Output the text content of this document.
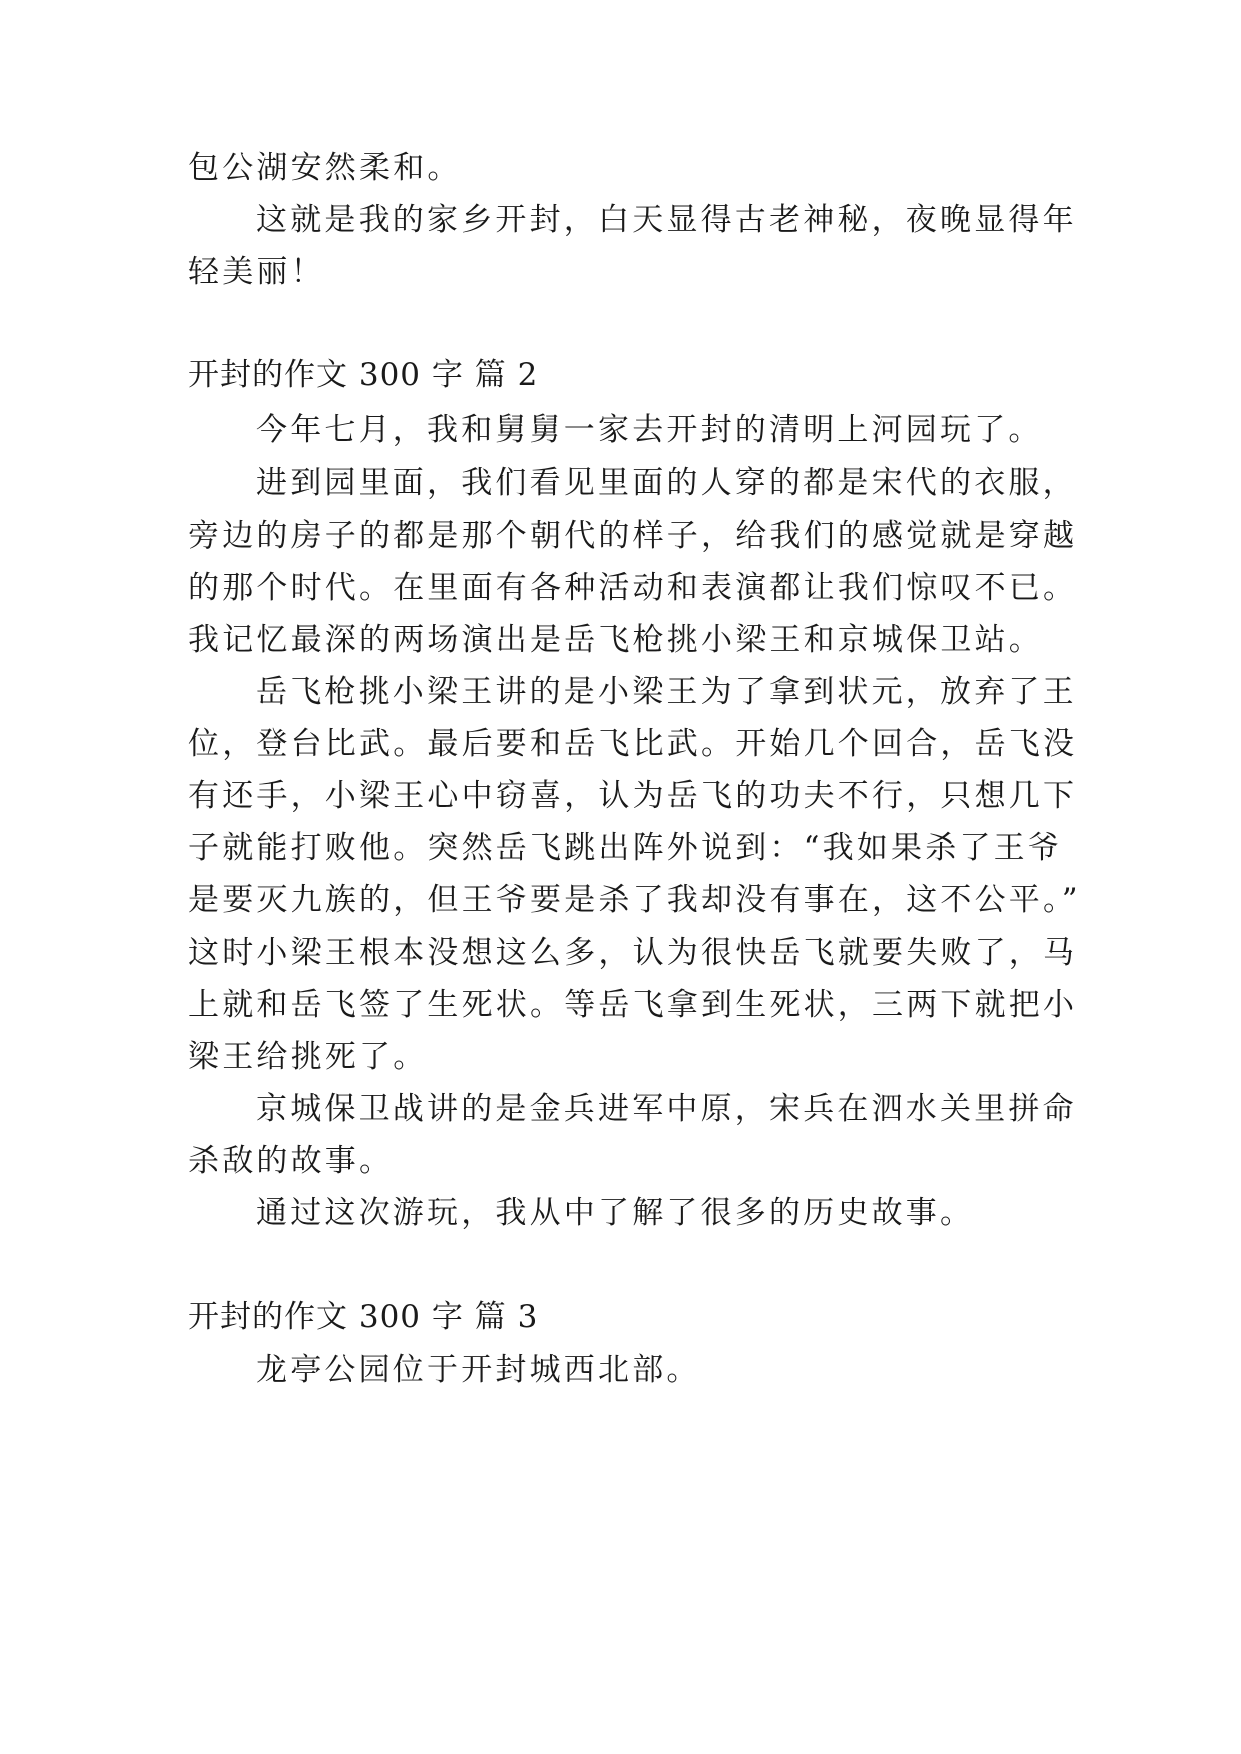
包公湖安然柔和。
这就是我的家乡开封，白天显得古老神秘，夜晚显得年
轻美丽！
开封的作文 300 字 篇 2
今年七月，我和舅舅一家去开封的清明上河园玩了。
进到园里面，我们看见里面的人穿的都是宋代的衣服，
旁边的房子的都是那个朝代的样子，给我们的感觉就是穿越
的那个时代。在里面有各种活动和表演都让我们惊叹不已。
我记忆最深的两场演出是岳飞枪挑小梁王和京城保卫站。
岳飞枪挑小梁王讲的是小梁王为了拿到状元，放弃了王
位，登台比武。最后要和岳飞比武。开始几个回合，岳飞没
有还手，小梁王心中窃喜，认为岳飞的功夫不行，只想几下
子就能打败他。突然岳飞跳出阵外说到：“我如果杀了王爷
是要灭九族的，但王爷要是杀了我却没有事在，这不公平。”
这时小梁王根本没想这么多，认为很快岳飞就要失败了，马
上就和岳飞签了生死状。等岳飞拿到生死状，三两下就把小
梁王给挑死了。
京城保卫战讲的是金兵进军中原，宋兵在泗水关里拼命
杀敌的故事。
通过这次游玩，我从中了解了很多的历史故事。
开封的作文 300 字 篇 3
龙亭公园位于开封城西北部。
